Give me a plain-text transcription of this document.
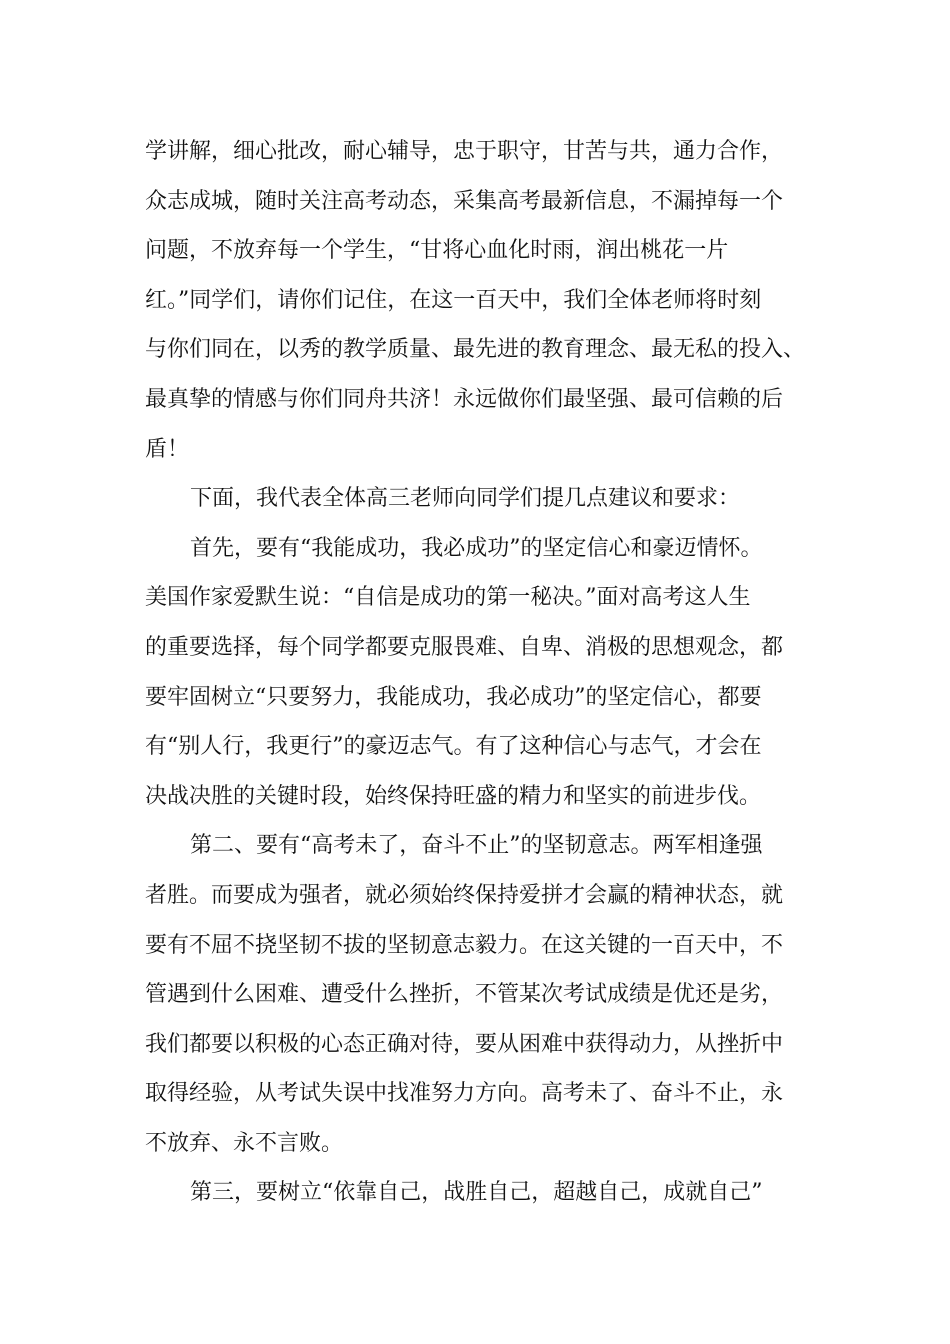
学讲解，细心批改，耐心辅导，忠于职守，甘苦与共，通力合作，
众志成城，随时关注高考动态，采集高考最新信息，不漏掉每一个
问题，不放弃每一个学生，“甘将心血化时雨，润出桃花一片
红。”同学们，请你们记住，在这一百天中，我们全体老师将时刻
与你们同在，以秀的教学质量、最先进的教育理念、最无私的投入、
最真挚的情感与你们同舟共济！永远做你们最坚强、最可信赖的后
盾！
下面，我代表全体高三老师向同学们提几点建议和要求：
首先，要有“我能成功，我必成功”的坚定信心和豪迈情怀。
美国作家爱默生说：“自信是成功的第一秘决。”面对高考这人生
的重要选择，每个同学都要克服畏难、自卑、消极的思想观念，都
要牢固树立“只要努力，我能成功，我必成功”的坚定信心，都要
有“别人行，我更行”的豪迈志气。有了这种信心与志气，才会在
决战决胜的关键时段，始终保持旺盛的精力和坚实的前进步伐。
第二、要有“高考未了，奋斗不止”的坚韧意志。两军相逢强
者胜。而要成为强者，就必须始终保持爱拼才会赢的精神状态，就
要有不屈不挠坚韧不拔的坚韧意志毅力。在这关键的一百天中，不
管遇到什么困难、遭受什么挫折，不管某次考试成绩是优还是劣，
我们都要以积极的心态正确对待，要从困难中获得动力，从挫折中
取得经验，从考试失误中找准努力方向。高考未了、奋斗不止，永
不放弃、永不言败。
第三，要树立“依靠自己，战胜自己，超越自己，成就自己”
